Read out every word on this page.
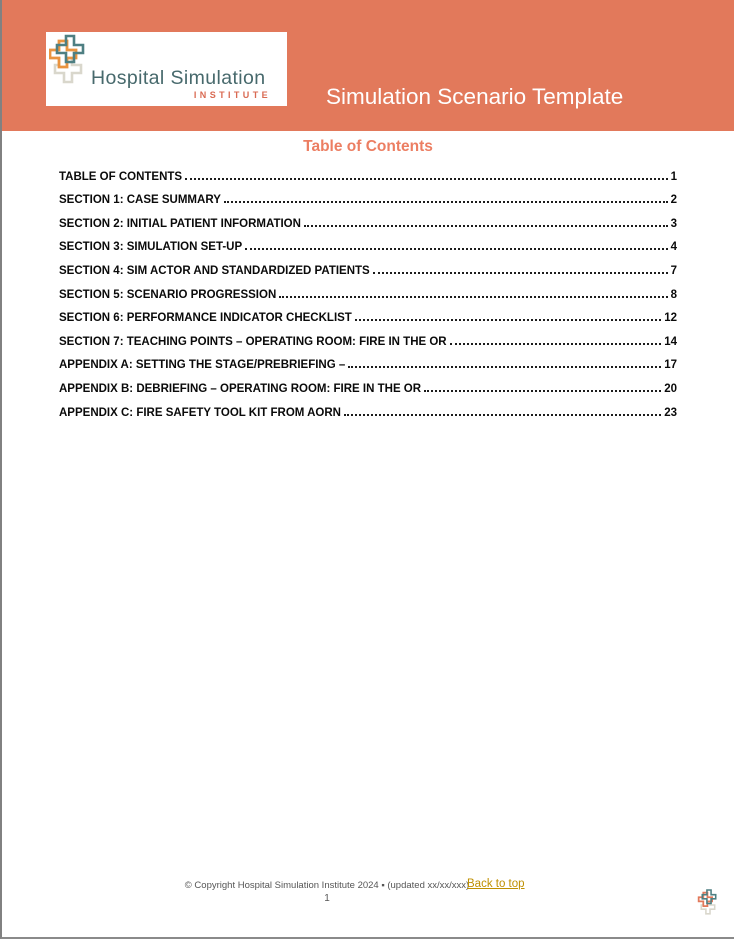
Hospital Simulation
INSTITUTE Simulation Scenario Template
Table of Contents
TABLE OF CONTENTS	1
SECTION 1: CASE SUMMARY	2
SECTION 2: INITIAL PATIENT INFORMATION	3
SECTION 3: SIMULATION SET-UP	4
SECTION 4: SIM ACTOR AND STANDARDIZED PATIENTS	7
SECTION 5: SCENARIO PROGRESSION	8
SECTION 6: PERFORMANCE INDICATOR CHECKLIST	12
SECTION 7: TEACHING POINTS – OPERATING ROOM: FIRE IN THE OR	14
APPENDIX A: SETTING THE STAGE/PREBRIEFING –	17
APPENDIX B: DEBRIEFING – OPERATING ROOM: FIRE IN THE OR	20
APPENDIX C: FIRE SAFETY TOOL KIT FROM AORN	23
© Copyright Hospital Simulation Institute 2024 ▪ (updated xx/xx/xxx)
1
Back to top
